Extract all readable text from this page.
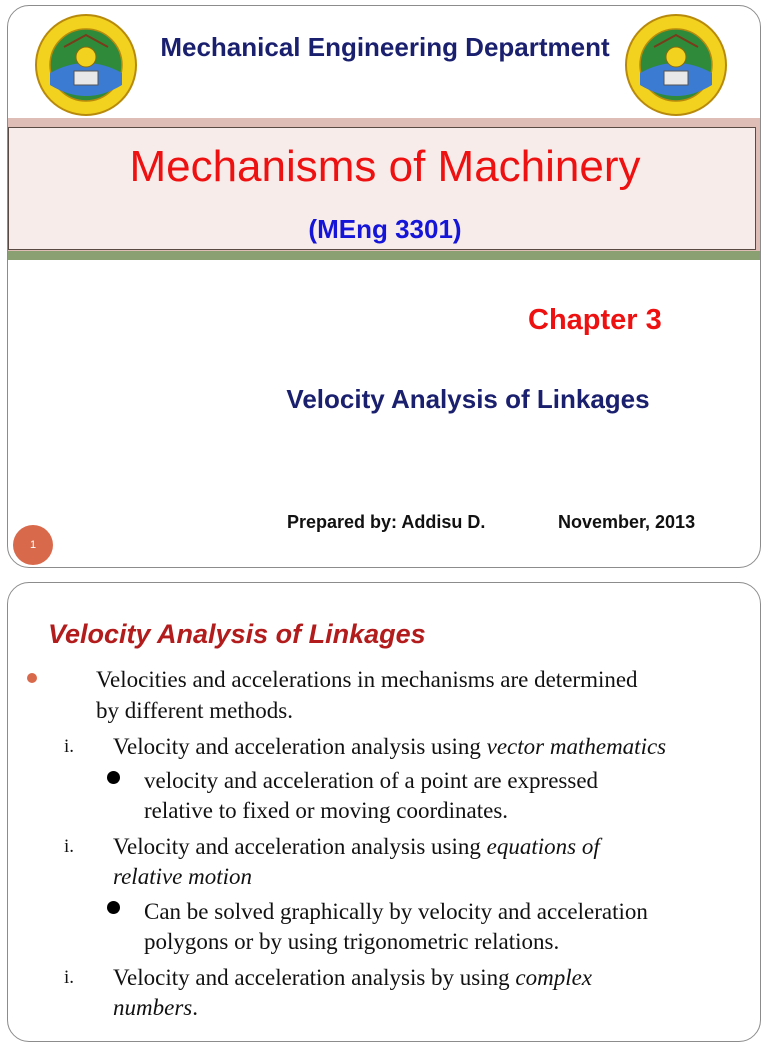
Mechanical Engineering Department
Mechanisms of Machinery
(MEng 3301)
Chapter 3
Velocity Analysis of Linkages
Prepared by: Addisu D.	November, 2013
1
Velocity Analysis of Linkages
Velocities and accelerations in mechanisms are determined
by different methods.
i. Velocity and acceleration analysis using vector mathematics
velocity and acceleration of a point are expressed
relative to fixed or moving coordinates.
i. Velocity and acceleration analysis using equations of
relative motion
Can be solved graphically by velocity and acceleration
polygons or by using trigonometric relations.
i. Velocity and acceleration analysis by using complex
numbers.
